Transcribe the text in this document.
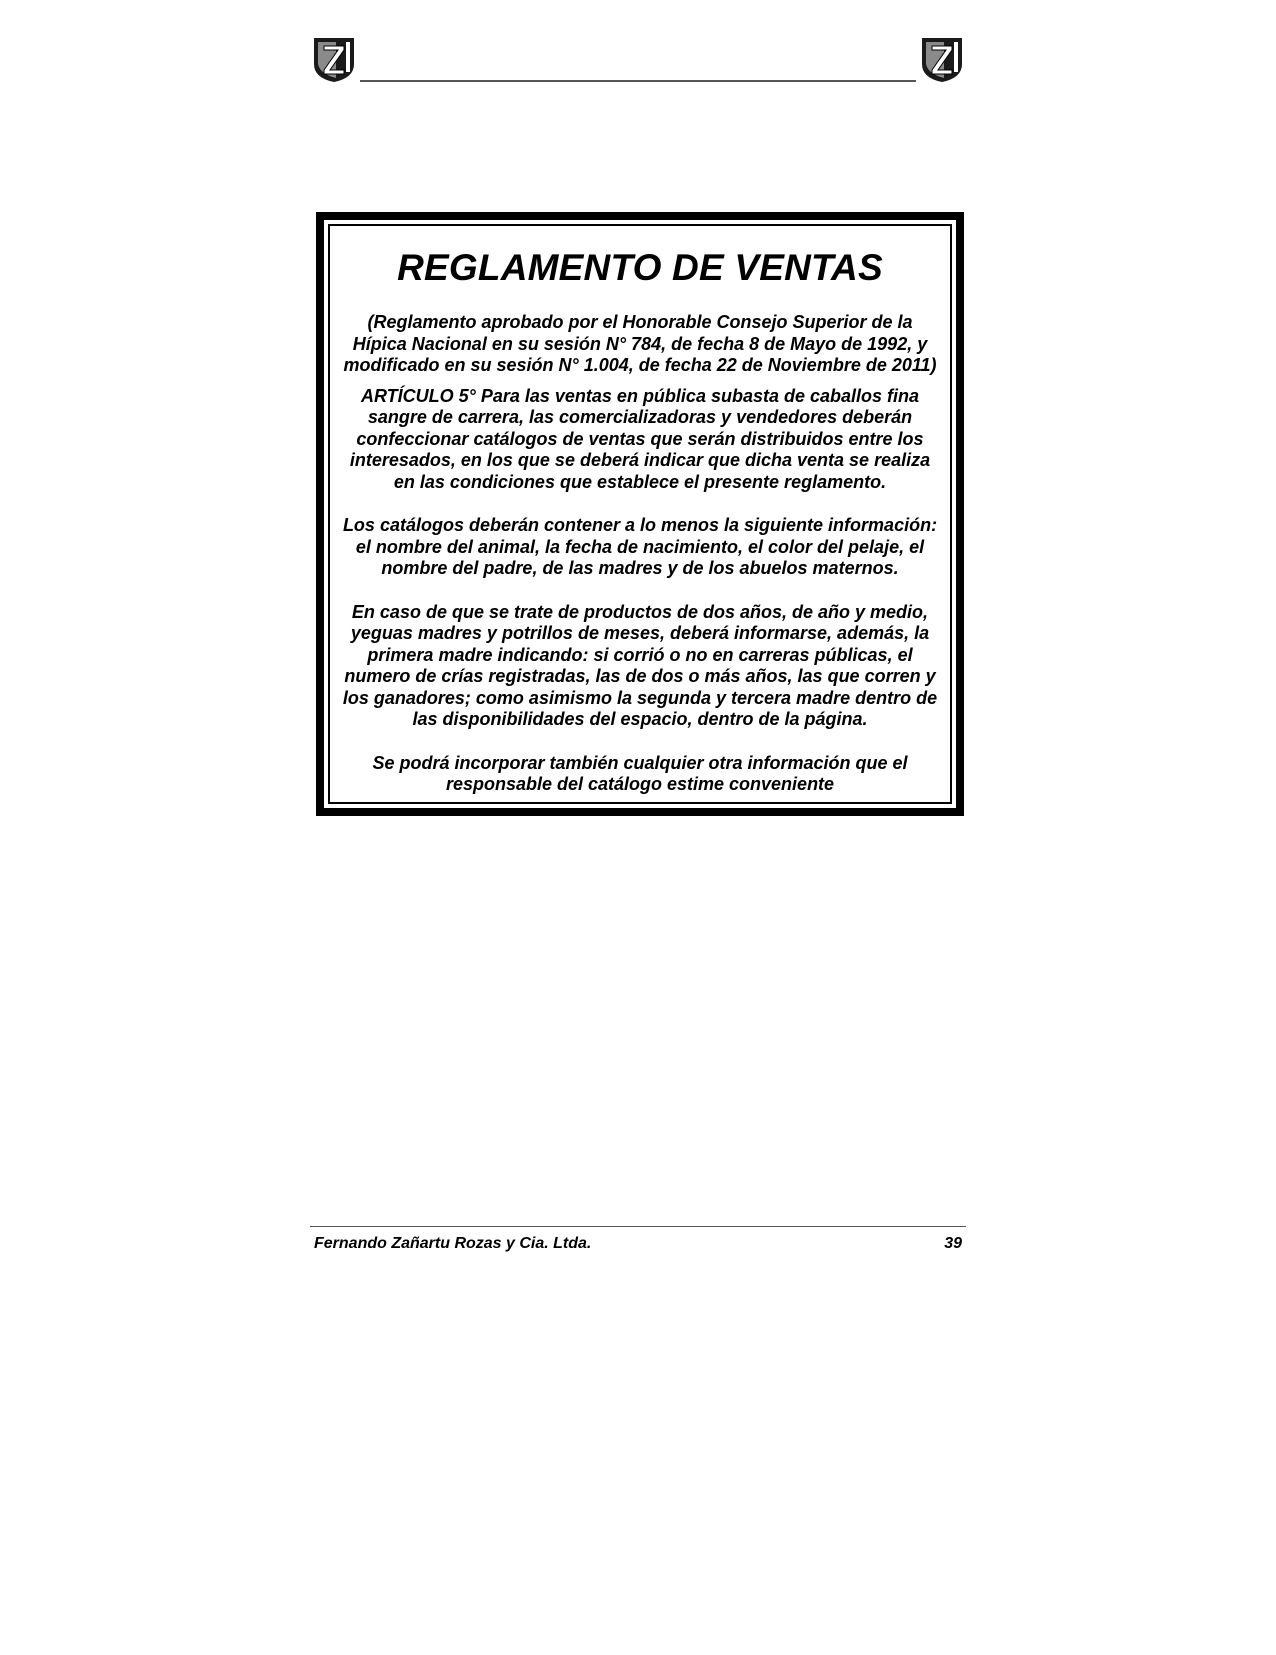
REGLAMENTO DE VENTAS

(Reglamento aprobado por el Honorable Consejo Superior de la Hípica Nacional en su sesión N° 784, de fecha 8 de Mayo de 1992, y modificado en su sesión N° 1.004, de fecha 22 de Noviembre de 2011)

ARTÍCULO 5° Para las ventas en pública subasta de caballos fina sangre de carrera, las comercializadoras y vendedores deberán confeccionar catálogos de ventas que serán distribuidos entre los interesados, en los que se deberá indicar que dicha venta se realiza en las condiciones que establece el presente reglamento.

Los catálogos deberán contener a lo menos la siguiente información: el nombre del animal, la fecha de nacimiento, el color del pelaje, el nombre del padre, de las madres y de los abuelos maternos.

En caso de que se trate de productos de dos años, de año y medio, yeguas madres y potrillos de meses, deberá informarse, además, la primera madre indicando: si corrió o no en carreras públicas, el numero de crías registradas, las de dos o más años, las que corren y los ganadores; como asimismo la segunda y tercera madre dentro de las disponibilidades del espacio, dentro de la página.

Se podrá incorporar también cualquier otra información que el responsable del catálogo estime conveniente

Fernando Zañartu Rozas y Cia. Ltda.	39
